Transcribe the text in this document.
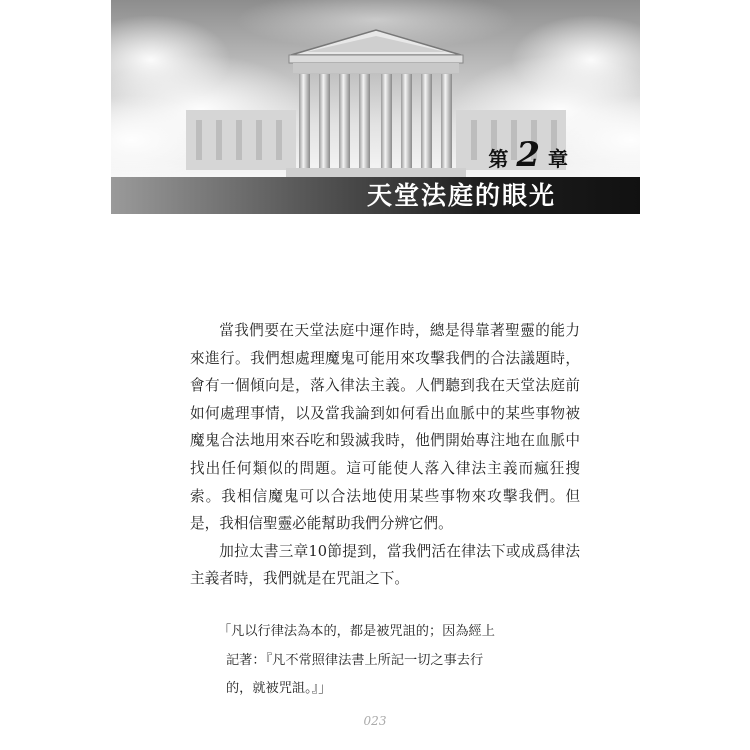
第 2 章
天堂法庭的眼光

當我們要在天堂法庭中運作時，總是得靠著聖靈的能力來進行。我們想處理魔鬼可能用來攻擊我們的合法議題時，會有一個傾向是，落入律法主義。人們聽到我在天堂法庭前如何處理事情，以及當我論到如何看出血脈中的某些事物被魔鬼合法地用來吞吃和毀滅我時，他們開始專注地在血脈中找出任何類似的問題。這可能使人落入律法主義而瘋狂搜索。我相信魔鬼可以合法地使用某些事物來攻擊我們。但是，我相信聖靈必能幫助我們分辨它們。

加拉太書三章10節提到，當我們活在律法下或成爲律法主義者時，我們就是在咒詛之下。

「凡以行律法為本的，都是被咒詛的；因為經上
記著：『凡不常照律法書上所記一切之事去行
的，就被咒詛。』」
023
